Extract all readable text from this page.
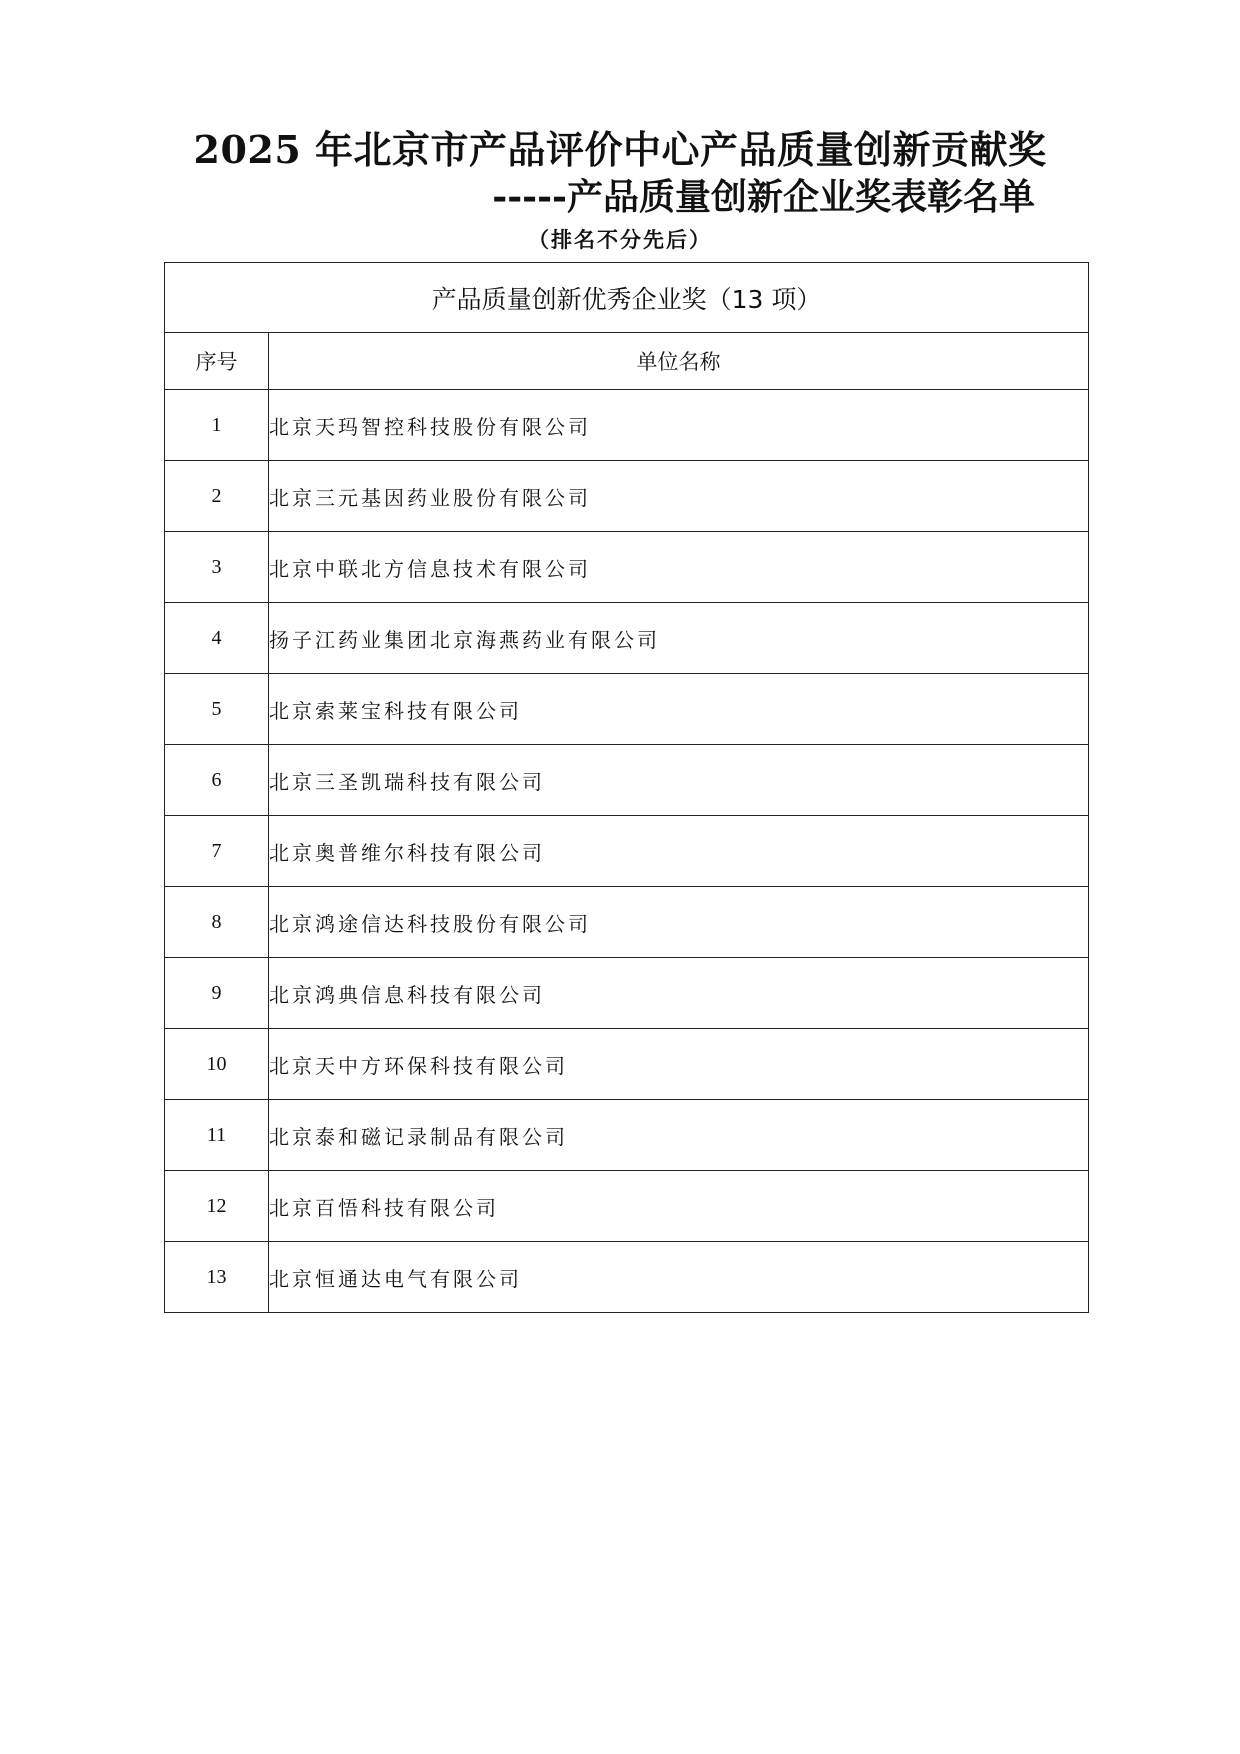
2025 年北京市产品评价中心产品质量创新贡献奖
-----产品质量创新企业奖表彰名单
（排名不分先后）
产品质量创新优秀企业奖（13 项）	
序号	单位名称
1	北京天玛智控科技股份有限公司
2	北京三元基因药业股份有限公司
3	北京中联北方信息技术有限公司
4	扬子江药业集团北京海燕药业有限公司
5	北京索莱宝科技有限公司
6	北京三圣凯瑞科技有限公司
7	北京奥普维尔科技有限公司
8	北京鸿途信达科技股份有限公司
9	北京鸿典信息科技有限公司
10	北京天中方环保科技有限公司
11	北京泰和磁记录制品有限公司
12	北京百悟科技有限公司
13	北京恒通达电气有限公司
